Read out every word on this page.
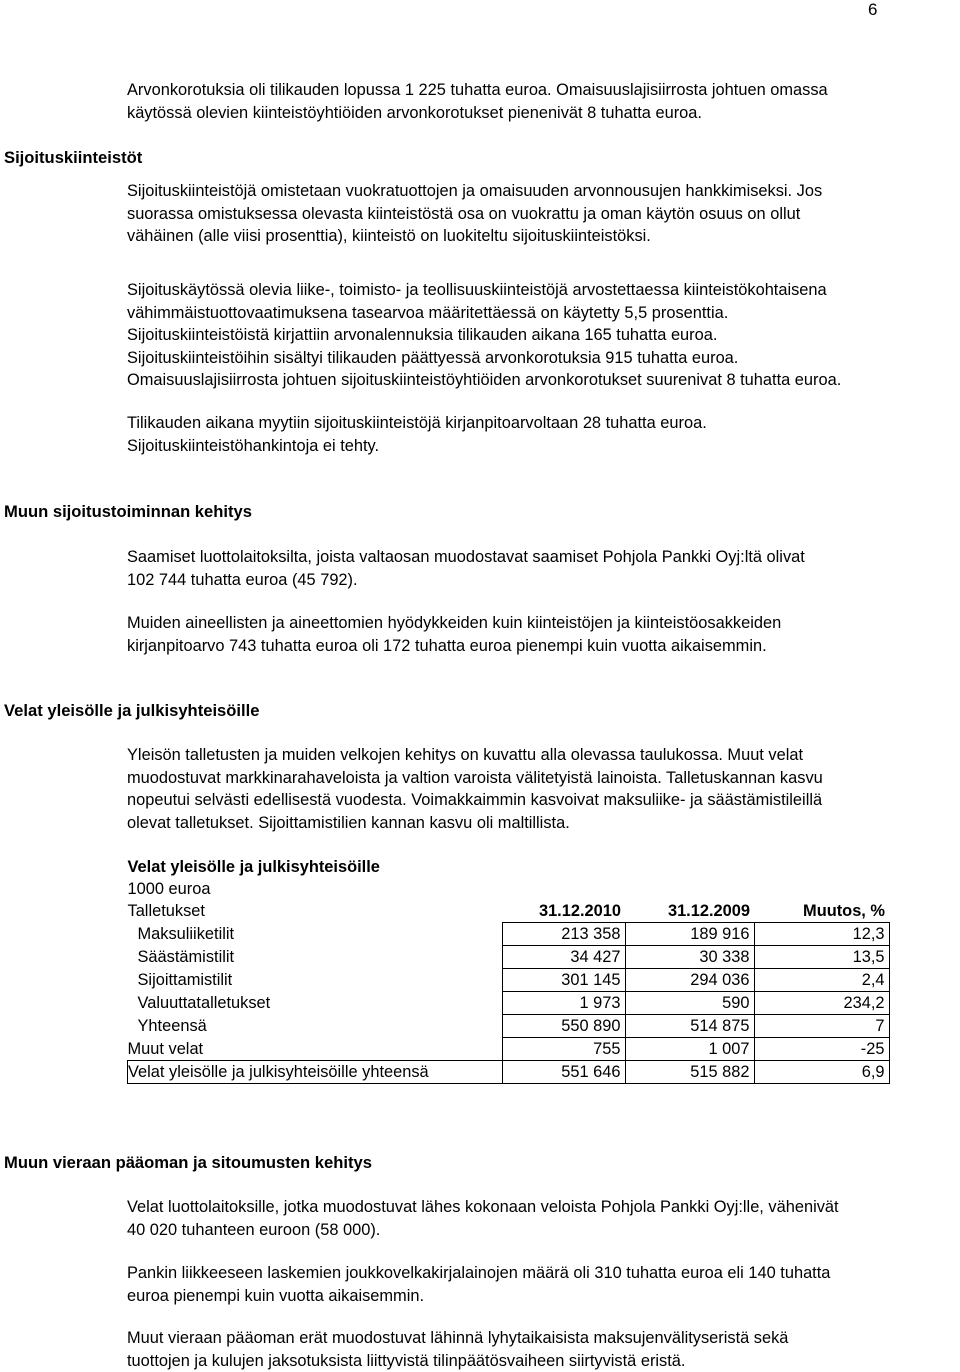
6
Sijoituskiinteistöt
Arvonkorotuksia oli tilikauden lopussa 1 225 tuhatta euroa. Omaisuuslajisiirrosta johtuen omassa
käytössä olevien kiinteistöyhtiöiden arvonkorotukset pienenivät 8 tuhatta euroa.
Sijoituskiinteistöjä omistetaan vuokratuottojen ja omaisuuden arvonnousujen hankkimiseksi. Jos
suorassa omistuksessa olevasta kiinteistöstä osa on vuokrattu ja oman käytön osuus on ollut
vähäinen (alle viisi prosenttia), kiinteistö on luokiteltu sijoituskiinteistöksi.
Sijoituskäytössä olevia liike-, toimisto- ja teollisuuskiinteistöjä arvostettaessa kiinteistökohtaisena
vähimmäistuottovaatimuksena tasearvoa määritettäessä on käytetty 5,5 prosenttia.
Sijoituskiinteistöistä kirjattiin arvonalennuksia tilikauden aikana 165 tuhatta euroa.
Sijoituskiinteistöihin sisältyi tilikauden päättyessä arvonkorotuksia 915 tuhatta euroa.
Omaisuuslajisiirrosta johtuen sijoituskiinteistöyhtiöiden arvonkorotukset suurenivat 8 tuhatta euroa.
Tilikauden aikana myytiin sijoituskiinteistöjä kirjanpitoarvoltaan 28 tuhatta euroa.
Sijoituskiinteistöhankintoja ei tehty.
Muun sijoitustoiminnan kehitys
Saamiset luottolaitoksilta, joista valtaosan muodostavat saamiset Pohjola Pankki Oyj:ltä olivat
102 744 tuhatta euroa (45 792).
Muiden aineellisten ja aineettomien hyödykkeiden kuin kiinteistöjen ja kiinteistöosakkeiden
kirjanpitoarvo 743 tuhatta euroa oli 172 tuhatta euroa pienempi kuin vuotta aikaisemmin.
Velat yleisölle ja julkisyhteisöille
Yleisön talletusten ja muiden velkojen kehitys on kuvattu alla olevassa taulukossa. Muut velat
muodostuvat markkinarahaveloista ja valtion varoista välitetyistä lainoista. Talletuskannan kasvu
nopeutui selvästi edellisestä vuodesta. Voimakkaimmin kasvoivat maksuliike- ja säästämistileillä
olevat talletukset. Sijoittamistilien kannan kasvu oli maltillista.
Velat yleisölle ja julkisyhteisöille			
1000 euroa			
Talletukset	31.12.2010	31.12.2009	Muutos, %
Maksuliiketilit	213 358	189 916	12,3
Säästämistilit	34 427	30 338	13,5
Sijoittamistilit	301 145	294 036	2,4
Valuuttatalletukset	1 973	590	234,2
Yhteensä	550 890	514 875	7
Muut velat	755	1 007	-25
Velat yleisölle ja julkisyhteisöille yhteensä	551 646	515 882	6,9
Muun vieraan pääoman ja sitoumusten kehitys
Velat luottolaitoksille, jotka muodostuvat lähes kokonaan veloista Pohjola Pankki Oyj:lle, vähenivät
40 020 tuhanteen euroon (58 000).
Pankin liikkeeseen laskemien joukkovelkakirjalainojen määrä oli 310 tuhatta euroa eli 140 tuhatta
euroa pienempi kuin vuotta aikaisemmin.
Muut vieraan pääoman erät muodostuvat lähinnä lyhytaikaisista maksujenvälityseristä sekä
tuottojen ja kulujen jaksotuksista liittyvistä tilinpäätösvaiheen siirtyvistä eristä.
